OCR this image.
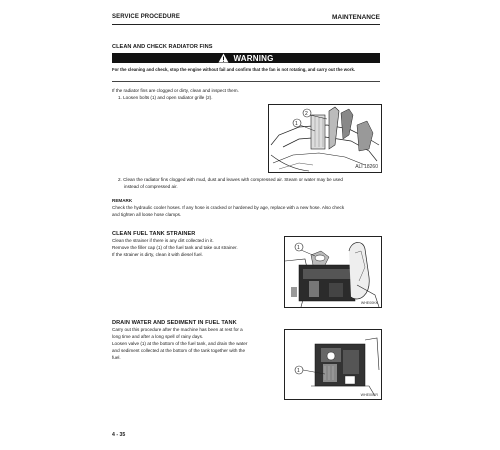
SERVICE PROCEDURE	MAINTENANCE
CLEAN AND CHECK RADIATOR FINS
WARNING
For the cleaning and check, stop the engine without fail and confirm that the fan is not rotating, and carry out the work.
If the radiator fins are clogged or dirty, clean and inspect them.
1. Loosen bolts (1) and open radiator grille (2).
1
2
ALI 18260
2. Clean the radiator fins clogged with mud, dust and leaves with compressed air. Steam or water may be used
instead of compressed air.
REMARK
Check the hydraulic cooler hoses. If any hose is cracked or hardened by age, replace with a new hose. Also check
and tighten all loose hose clamps.
CLEAN FUEL TANK STRAINER
Clean the strainer if there is any dirt collected in it.
Remove the filler cap (1) of the fuel tank and take out strainer.
If the strainer is dirty, clean it with diesel fuel.
1
WHE00KK
DRAIN WATER AND SEDIMENT IN FUEL TANK
Carry out this procedure after the machine has been at rest for a
long time and after a long spell of rainy days.
Loosen valve (1) at the bottom of the fuel tank, and drain the water
and sediment collected at the bottom of the tank together with the
fuel.
1
WHE00KR
4 - 35
